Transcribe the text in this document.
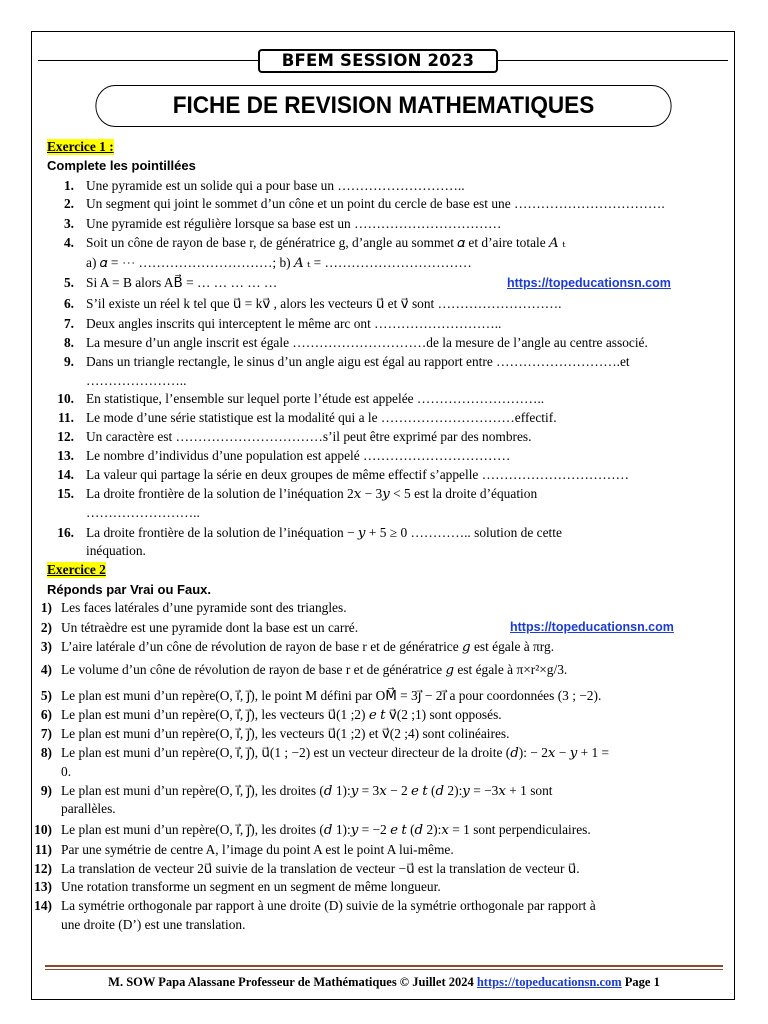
BFEM SESSION 2023
FICHE DE REVISION MATHEMATIQUES
Exercice 1 :
Complete les pointillées
1. Une pyramide est un solide qui a pour base un ………………………..
2. Un segment qui joint le sommet d’un cône et un point du cercle de base est une …………………………….
3. Une pyramide est régulière lorsque sa base est un ……………………………
4. Soit un cône de rayon de base r, de génératrice g, d’angle au sommet 𝛼 et d’aire totale 𝐴 ₜ
a) 𝛼 = ⋯ …………………………; b) 𝐴 ₜ = ……………………………
5. Si A = B alors AB⃗ = … … … … …
6. S’il existe un réel k tel que u⃗ = kv⃗ , alors les vecteurs u⃗ et v⃗ sont ……………………….
7. Deux angles inscrits qui interceptent le même arc ont ………………………..
8. La mesure d’un angle inscrit est égale …………………………de la mesure de l’angle au centre associé.
9. Dans un triangle rectangle, le sinus d’un angle aigu est égal au rapport entre ……………………….et
…………………..
10. En statistique, l’ensemble sur lequel porte l’étude est appelée ………………………..
11. Le mode d’une série statistique est la modalité qui a le …………………………effectif.
12. Un caractère est ……………………………s’il peut être exprimé par des nombres.
13. Le nombre d’individus d’une population est appelé ……………………………
14. La valeur qui partage la série en deux groupes de même effectif s’appelle ……………………………
15. La droite frontière de la solution de l’inéquation 2𝑥 − 3𝑦 < 5 est la droite d’équation
……………………..
16. La droite frontière de la solution de l’inéquation − 𝑦 + 5 ≥ 0 ………….. solution de cette
inéquation.
Exercice 2
Réponds par Vrai ou Faux.
1) Les faces latérales d’une pyramide sont des triangles.
2) Un tétraèdre est une pyramide dont la base est un carré.
3) L’aire latérale d’un cône de révolution de rayon de base r et de génératrice 𝑔 est égale à πrg.
4) Le volume d’un cône de révolution de rayon de base r et de génératrice 𝑔 est égale à π×r²×g/3.
5) Le plan est muni d’un repère(O, i⃗, j⃗), le point M défini par OM⃗ = 3j⃗ − 2i⃗ a pour coordonnées (3 ; −2).
6) Le plan est muni d’un repère(O, i⃗, j⃗), les vecteurs u⃗(1 ;2) 𝑒 𝑡 v⃗(2 ;1) sont opposés.
7) Le plan est muni d’un repère(O, i⃗, j⃗), les vecteurs u⃗(1 ;2) et v⃗(2 ;4) sont colinéaires.
8) Le plan est muni d’un repère(O, i⃗, j⃗), u⃗(1 ; −2) est un vecteur directeur de la droite (𝑑): − 2𝑥 − 𝑦 + 1 =
0.
9) Le plan est muni d’un repère(O, i⃗, j⃗), les droites (𝑑 1):𝑦 = 3𝑥 − 2 𝑒 𝑡 (𝑑 2):𝑦 = −3𝑥 + 1 sont
parallèles.
10) Le plan est muni d’un repère(O, i⃗, j⃗), les droites (𝑑 1):𝑦 = −2 𝑒 𝑡 (𝑑 2):𝑥 = 1 sont perpendiculaires.
11) Par une symétrie de centre A, l’image du point A est le point A lui-même.
12) La translation de vecteur 2u⃗ suivie de la translation de vecteur −u⃗ est la translation de vecteur u⃗.
13) Une rotation transforme un segment en un segment de même longueur.
14) La symétrie orthogonale par rapport à une droite (D) suivie de la symétrie orthogonale par rapport à
une droite (D’) est une translation.
https://topeducationsn.com
https://topeducationsn.com
M. SOW Papa Alassane Professeur de Mathématiques © Juillet 2024 https://topeducationsn.com Page 1
